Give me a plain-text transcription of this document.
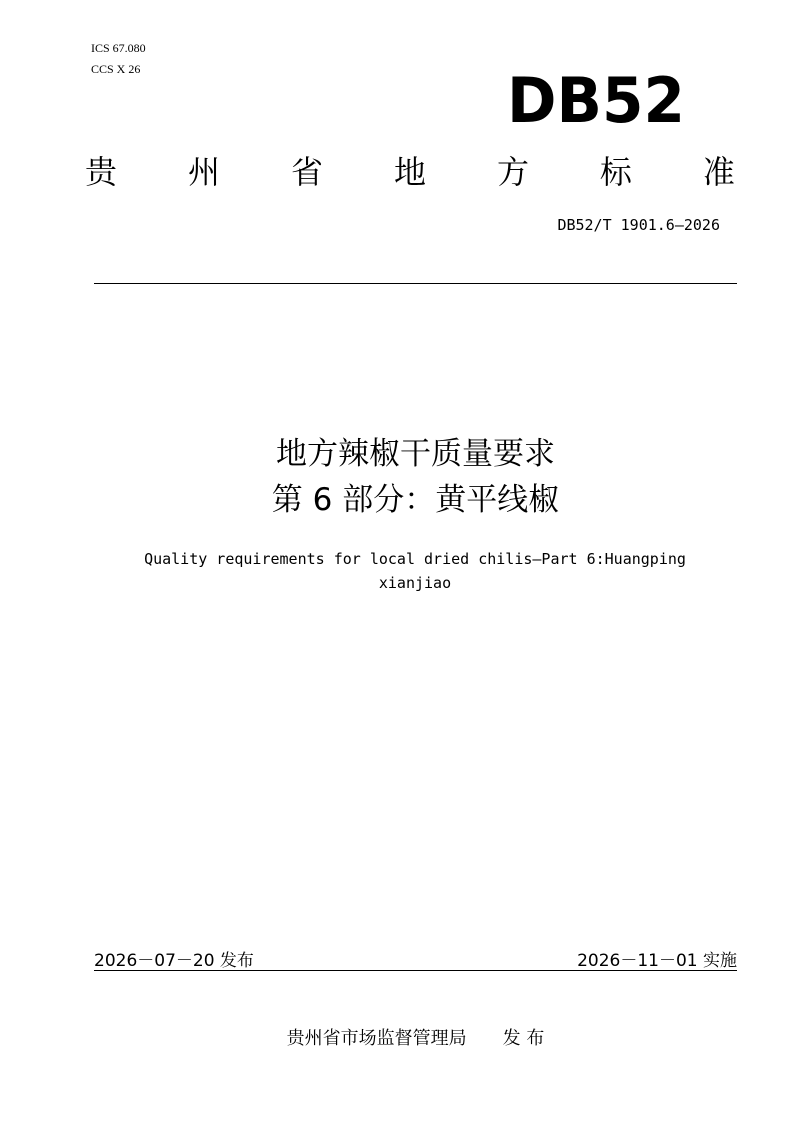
ICS 67.080
CCS X 26	DB52
贵 州 省 地 方 标 准
DB52/T 1901.6—2026
地方辣椒干质量要求
第 6 部分：黄平线椒
Quality requirements for local dried chilis—Part 6:Huangping xianjiao
2026－07－20 发布	2026－11－01 实施
贵州省市场监督管理局 发 布
